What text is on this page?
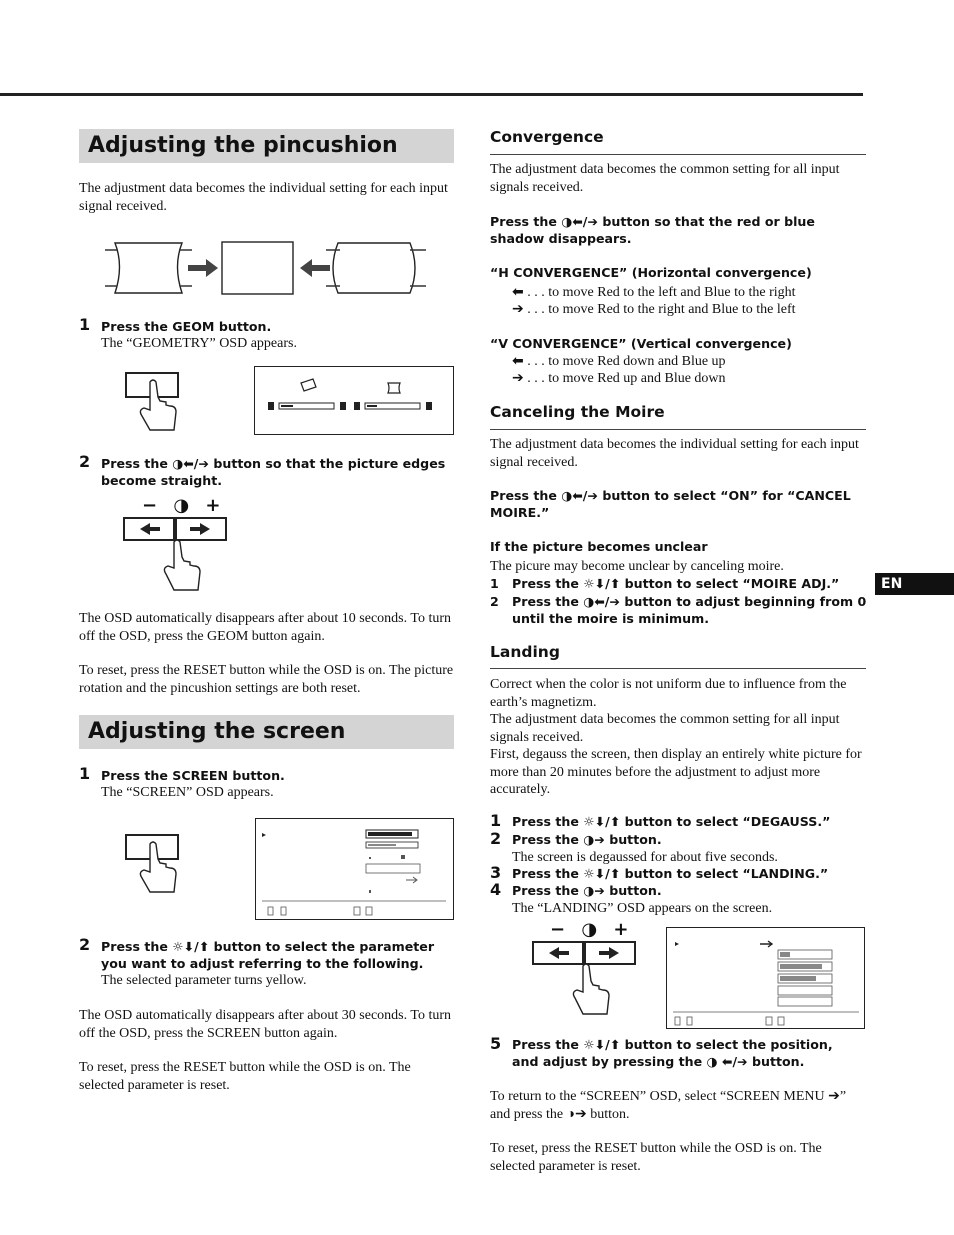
EN
Adjusting the pincushion

The adjustment data becomes the individual setting for each input signal received.

1 Press the GEOM button.

The “GEOMETRY” OSD appears.

2 Press the ◑⬅/➔ button so that the picture edges become straight.

− ◑ +

The OSD automatically disappears after about 10 seconds. To turn off the OSD, press the GEOM button again.

To reset, press the RESET button while the OSD is on. The picture rotation and the pincushion settings are both reset.

Adjusting the screen
1 Press the SCREEN button.

The “SCREEN” OSD appears.

2 Press the ☼⬇/⬆ button to select the parameter you want to adjust referring to the following.

The selected parameter turns yellow.

The OSD automatically disappears after about 30 seconds. To turn off the OSD, press the SCREEN button again.

To reset, press the RESET button while the OSD is on. The selected parameter is reset.

Convergence

The adjustment data becomes the common setting for all input signals received.

Press the ◑⬅/➔ button so that the red or blue shadow disappears.

“H CONVERGENCE” (Horizontal convergence)

⬅ . . . to move Red to the left and Blue to the right

➔ . . . to move Red to the right and Blue to the left

“V CONVERGENCE” (Vertical convergence)

⬅ . . . to move Red down and Blue up

➔ . . . to move Red up and Blue down

Canceling the Moire

The adjustment data becomes the individual setting for each input signal received.

Press the ◑⬅/➔ button to select “ON” for “CANCEL MOIRE.”

If the picture becomes unclear

The picure may become unclear by canceling moire.

1 Press the ☼⬇/⬆ button to select “MOIRE ADJ.”

2 Press the ◑⬅/➔ button to adjust beginning from 0 until the moire is minimum.

Landing

Correct when the color is not uniform due to influence from the earth’s magnetizm.

The adjustment data becomes the common setting for all input signals received.

First, degauss the screen, then display an entirely white picture for more than 20 minutes before the adjustment to adjust more accurately.

1 Press the ☼⬇/⬆ button to select “DEGAUSS.”

2 Press the ◑➔ button.

The screen is degaussed for about five seconds.

3 Press the ☼⬇/⬆ button to select “LANDING.”

4 Press the ◑➔ button.

The “LANDING” OSD appears on the screen.

− ◑ +
5 Press the ☼⬇/⬆ button to select the position, and adjust by pressing the ◑ ⬅/➔ button.

To return to the “SCREEN” OSD, select “SCREEN MENU ➔” and press the ◑➔ button.

To reset, press the RESET button while the OSD is on. The selected parameter is reset.
